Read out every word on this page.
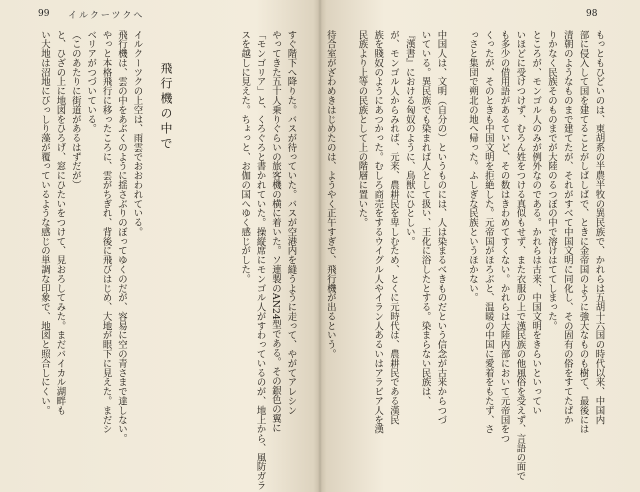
99 イルクーツクへ
飛行機の中で	すぐ階下へ降りた。バスが待っていた。バスが空港内を縫うように走って、やがてアレシン
やってきた五十人乗りぐらいの旅客機の横に着いた。ソ連製のAN24型である。その銀色の翼に
「モンゴリア」と、くろぐろと書かれていた。操縦席にモンゴル人がすわっているのが、地上から、風防ガラ
スを越しに見えた。ちょっと、お伽の国へゆく感じがした。
イルクーツクの上空は、雨雲でおおわれている。
飛行機は、雲の中をあぶくのように揺さぶりのぼってゆくのだが、容易に空の青さまで達しない。
やっと本格飛行に移ったころに、雲がちぎれ、背後に飛びはじめ、大地が眼下に見えた。まだシ
ベリアがつづいている。
（このあたりに街道があるはずだが）
と、ひざの上に地図をひろげ、窓にひたいをつけて、見おろしてみた。まだバイカル湖畔も
い大地は沼地にびっしり藻が覆っているような感じの単調な印象で、地図と照合しにくい。
98
もっともひどいのは、東胡系の半農半牧の異民族で、かれらは五胡十六国の時代以来、中国内
部に侵入して国を建てることがしばしばで、ときに金帝国のように強大なものも樹て、最後には
清朝のようなものまで建てたが、それがすべて中国文明に同化し、その固有の俗をすてたばか
りかなく民族そのものまでが大陸のるつぼの中で溶けはててしまった。
ところが、モンゴル人のみが例外なのである。かれらは古来、中国文明をきらいといってい
いほどに受けつけず、むろん姓をつける真似もせず、また衣服の上で漢民族の他風俗を受えず、言語の面で
も多少の借用語があるていど、その数はきわめてすくない。かれらは大陸内部において元帝国をつ
くったが、そのときも中国文明を拒絶した。元帝国がほろぶと、温暖の中国に愛着をもたず、さ
っさと集団で朔北の地へ帰った。ふしぎな民族というほかない。
中国人は、文明（自分の）というものには、人は染まるべきものだという信念が古来からつづ
いている。異民族でも染まれば人として扱い、王化に浴したとする。染まらない民族は、
『漢書』における匈奴のように、鳥獣にひとしい。
が、モンゴル人からみれば、元来、農耕民を卑しむため、とくに元時代は、農耕民である漢民
族を賤奴のようにあつかった。むしろ商売をするウイグル人やイラン人あるいはアラビア人を漢
民族より上等の民族として上の階層に置いた。
待合室がざわめきはじめたのは、ようやく正午すぎで、飛行機が出るという。
